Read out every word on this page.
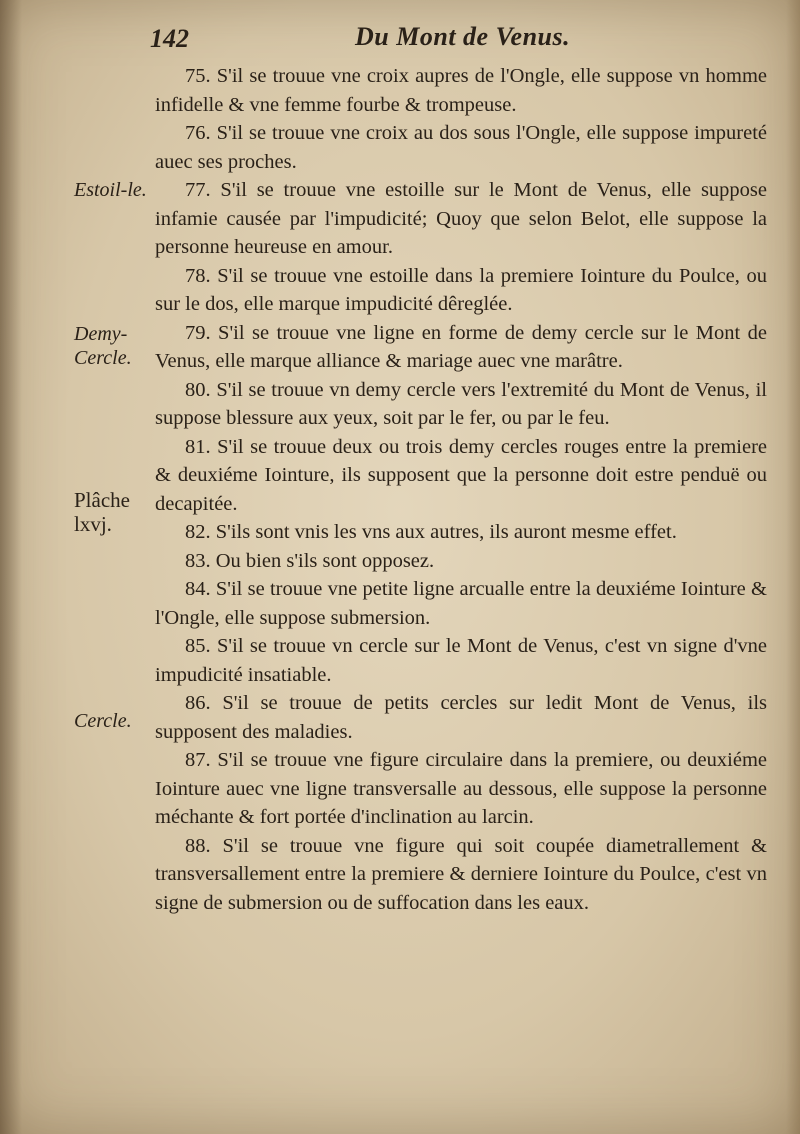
142	Du Mont de Venus.
Estoil-le.
Demy-Cercle.
Plâche lxvj.
Cercle.

75. S'il se trouue vne croix aupres de l'Ongle, elle suppose vn homme infidelle & vne femme fourbe & trompeuse.

76. S'il se trouue vne croix au dos sous l'Ongle, elle suppose impureté auec ses proches.

77. S'il se trouue vne estoille sur le Mont de Venus, elle suppose infamie causée par l'impudicité; Quoy que selon Belot, elle suppose la personne heureuse en amour.

78. S'il se trouue vne estoille dans la premiere Iointure du Poulce, ou sur le dos, elle marque impudicité dêreglée.

79. S'il se trouue vne ligne en forme de demy cercle sur le Mont de Venus, elle marque alliance & mariage auec vne marâtre.

80. S'il se trouue vn demy cercle vers l'extremité du Mont de Venus, il suppose blessure aux yeux, soit par le fer, ou par le feu.

81. S'il se trouue deux ou trois demy cercles rouges entre la premiere & deuxiéme Iointure, ils supposent que la personne doit estre penduë ou decapitée.

82. S'ils sont vnis les vns aux autres, ils auront mesme effet.

83. Ou bien s'ils sont opposez.

84. S'il se trouue vne petite ligne arcualle entre la deuxiéme Iointure & l'Ongle, elle suppose submersion.

85. S'il se trouue vn cercle sur le Mont de Venus, c'est vn signe d'vne impudicité insatiable.

86. S'il se trouue de petits cercles sur ledit Mont de Venus, ils supposent des maladies.

87. S'il se trouue vne figure circulaire dans la premiere, ou deuxiéme Iointure auec vne ligne transversalle au dessous, elle suppose la personne méchante & fort portée d'inclination au larcin.

88. S'il se trouue vne figure qui soit coupée diametrallement & transversallement entre la premiere & derniere Iointure du Poulce, c'est vn signe de submersion ou de suffocation dans les eaux.
